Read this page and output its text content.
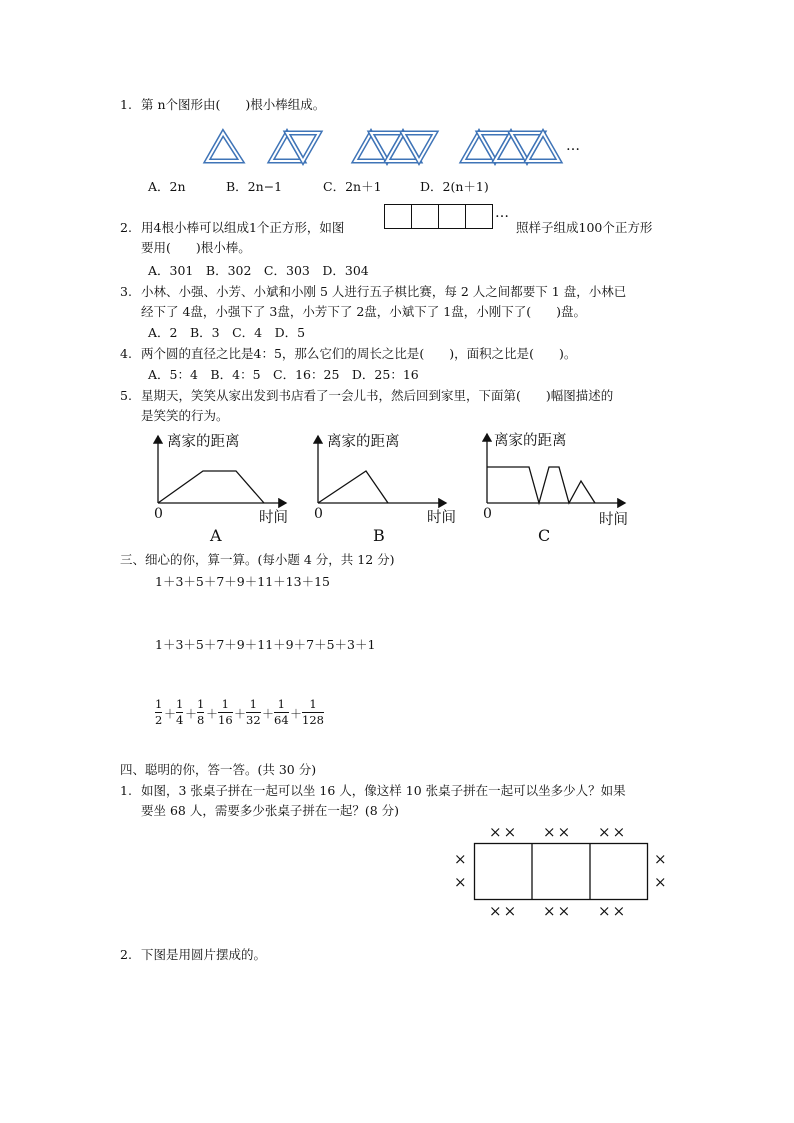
1. 第 n个图形由(　　)根小棒组成。
…
A．2n	B．2n−1	C．2n＋1	D．2(n＋1)
2. 用4根小棒可以组成1个正方形，如图
…
照样子组成100个正方形
要用(　　)根小棒。
A．301　B．302　C．303　D．304
3. 小林、小强、小芳、小斌和小刚 5 人进行五子棋比赛，每 2 人之间都要下 1 盘，小林已
经下了 4盘，小强下了 3盘，小芳下了 2盘，小斌下了 1盘，小刚下了(　　)盘。
A．2　B．3　C．4　D．5
4. 两个圆的直径之比是4：5，那么它们的周长之比是(　　)，面积之比是(　　)。
A．5：4　B．4：5　C．16：25　D．25：16
5. 星期天，笑笑从家出发到书店看了一会儿书，然后回到家里，下面第(　　)幅图描述的
是笑笑的行为。
离家的距离
0	时间
A
离家的距离
0	时间
B
离家的距离
0	时间
C
三、细心的你，算一算。(每小题 4 分，共 12 分)
1＋3＋5＋7＋9＋11＋13＋15
1＋3＋5＋7＋9＋11＋9＋7＋5＋3＋1
1
2 ＋
1
4 ＋
1
8 ＋
1
16 ＋
1
32 ＋
1
64 ＋
1
128
四、聪明的你，答一答。(共 30 分)
1. 如图，3 张桌子拼在一起可以坐 16 人，像这样 10 张桌子拼在一起可以坐多少人？如果
要坐 68 人，需要多少张桌子拼在一起？(8 分)
×× ×× ××
×× ×× ××
×
×
×
×
2. 下图是用圆片摆成的。
